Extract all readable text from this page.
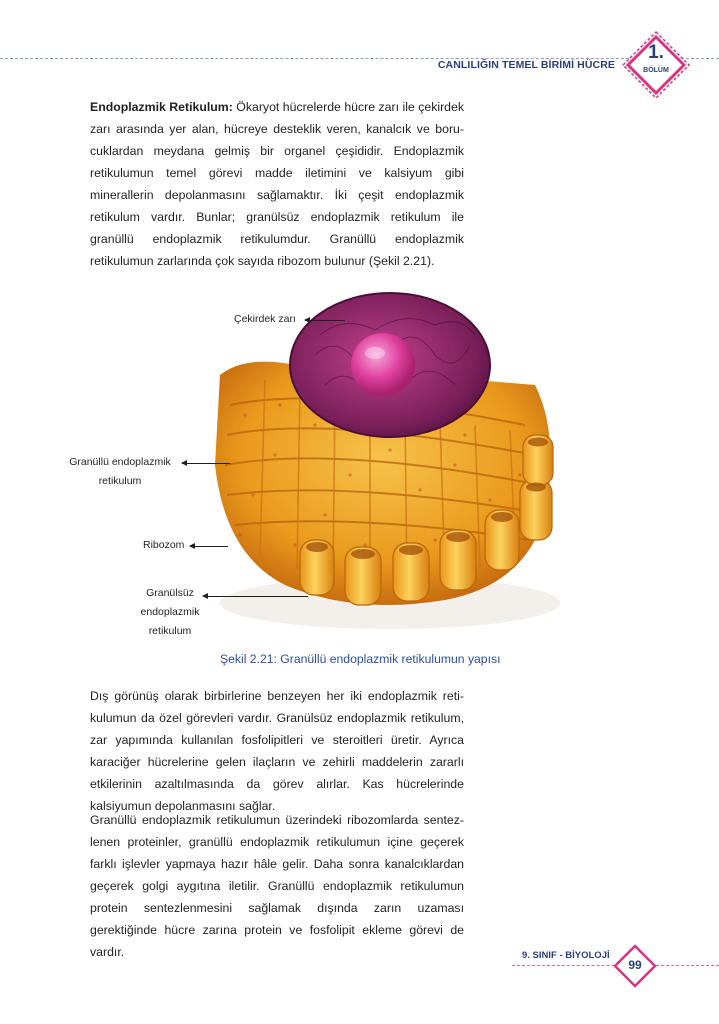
CANLILIĞIN TEMEL BİRİMİ HÜCRE
1.
BÖLÜM
Endoplazmik Retikulum: Ökaryot hücrelerde hücre zarı ile çekirdek zarı arasında yer alan, hücreye desteklik veren, kanalcık ve borucuklardan meydana gelmiş bir organel çeşididir. Endoplazmik retikulumun temel görevi madde iletimini ve kalsiyum gibi minerallerin depolanmasını sağlamaktır. İki çeşit endoplazmik retikulum vardır. Bunlar; granülsüz endoplazmik retikulum ile granüllü endoplazmik retikulumdur. Granüllü endoplazmik retikulumun zarlarında çok sayıda ribozom bulunur (Şekil 2.21).
Çekirdek zarı
Granüllü endoplazmik
retikulum
Ribozom
Granülsüz
endoplazmik
retikulum
Şekil 2.21: Granüllü endoplazmik retikulumun yapısı
Dış görünüş olarak birbirlerine benzeyen her iki endoplazmik retikulumun da özel görevleri vardır. Granülsüz endoplazmik retikulum, zar yapımında kullanılan fosfolipitleri ve steroitleri üretir. Ayrıca karaciğer hücrelerine gelen ilaçların ve zehirli maddelerin zararlı etkilerinin azaltılmasında da görev alırlar. Kas hücrelerinde kalsiyumun depolanmasını sağlar.
Granüllü endoplazmik retikulumun üzerindeki ribozomlarda sentezlenen proteinler, granüllü endoplazmik retikulumun içine geçerek farklı işlevler yapmaya hazır hâle gelir. Daha sonra kanalcıklardan geçerek golgi aygıtına iletilir. Granüllü endoplazmik retikulumun protein sentezlenmesini sağlamak dışında zarın uzaması gerektiğinde hücre zarına protein ve fosfolipit ekleme görevi de vardır.	9. SINIF - BİYOLOJİ
99
